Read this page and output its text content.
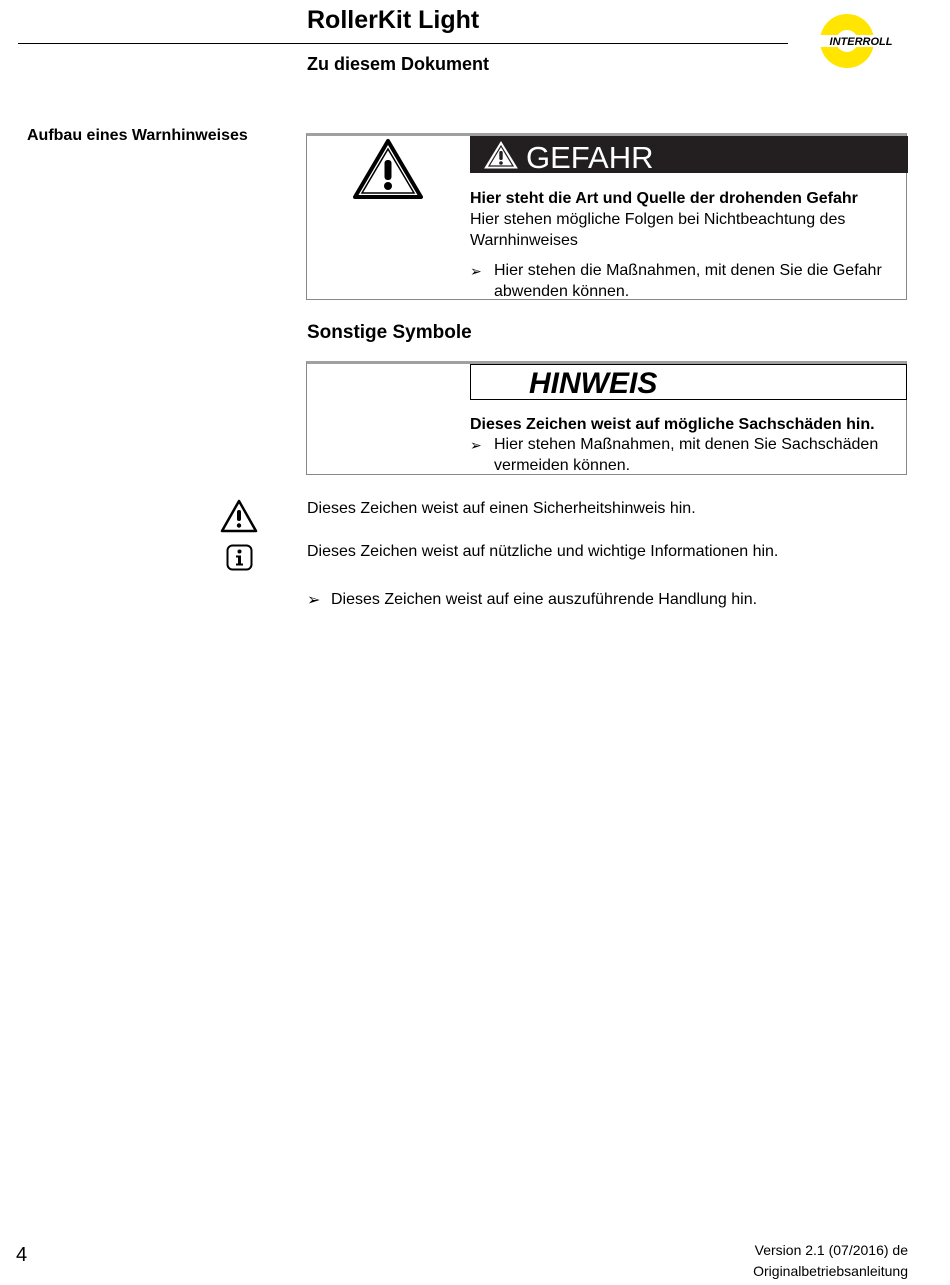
RollerKit Light
Zu diesem Dokument
INTERROLL
Aufbau eines Warnhinweises
GEFAHR
Hier steht die Art und Quelle der drohenden Gefahr
Hier stehen mögliche Folgen bei Nichtbeachtung des
Warnhinweises
➢ Hier stehen die Maßnahmen, mit denen Sie die Gefahr
abwenden können.
Sonstige Symbole
HINWEIS
Dieses Zeichen weist auf mögliche Sachschäden hin.
➢ Hier stehen Maßnahmen, mit denen Sie Sachschäden
vermeiden können.
Dieses Zeichen weist auf einen Sicherheitshinweis hin.
Dieses Zeichen weist auf nützliche und wichtige Informationen hin.
➢ Dieses Zeichen weist auf eine auszuführende Handlung hin.
4	Version 2.1 (07/2016) de
Originalbetriebsanleitung
